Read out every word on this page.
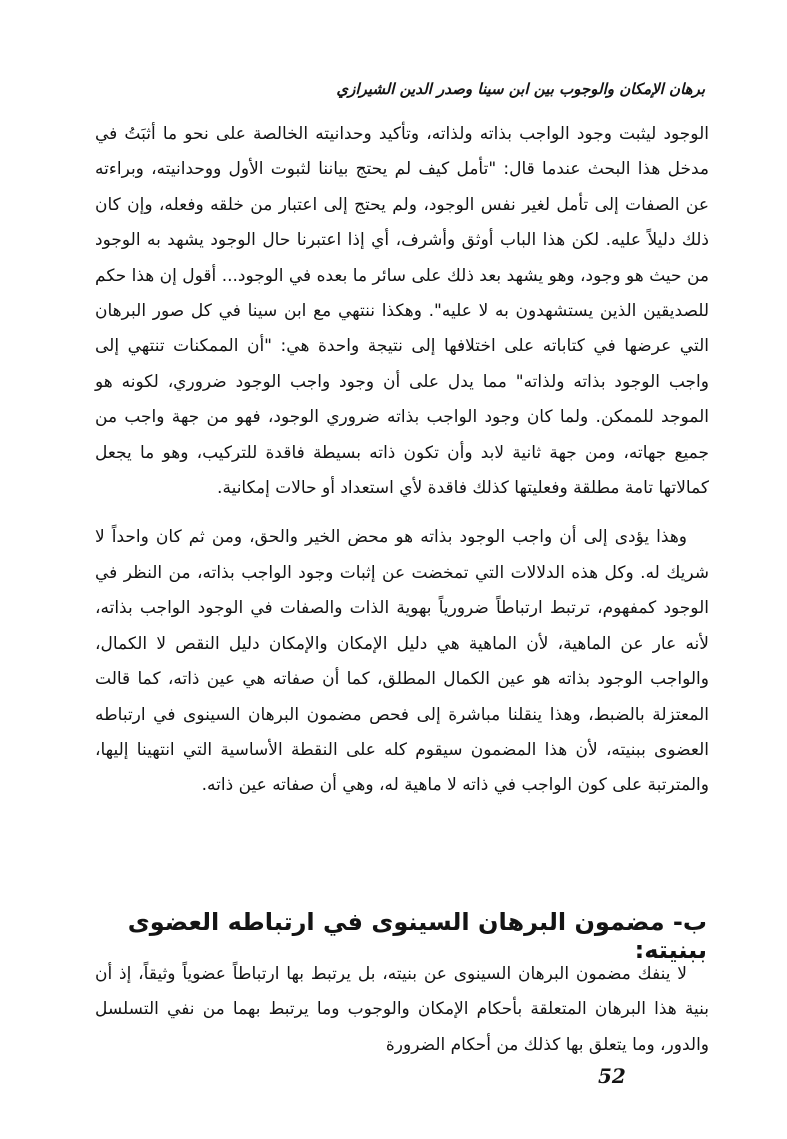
برهان الإمكان والوجوب بين ابن سينا وصدر الدين الشيرازي

الوجود ليثبت وجود الواجب بذاته ولذاته، وتأكيد وحدانيته الخالصة على نحو ما أثبَتُ في مدخل هذا البحث عندما قال: "تأمل كيف لم يحتج بياننا لثبوت الأول ووحدانيته، وبراءته عن الصفات إلى تأمل لغير نفس الوجود، ولم يحتج إلى اعتبار من خلقه وفعله، وإن كان ذلك دليلاً عليه. لكن هذا الباب أوثق وأشرف، أي إذا اعتبرنا حال الوجود يشهد به الوجود من حيث هو وجود، وهو يشهد بعد ذلك على سائر ما بعده في الوجود... أقول إن هذا حكم للصديقين الذين يستشهدون به لا عليه". وهكذا ننتهي مع ابن سينا في كل صور البرهان التي عرضها في كتاباته على اختلافها إلى نتيجة واحدة هي: "أن الممكنات تنتهي إلى واجب الوجود بذاته ولذاته" مما يدل على أن وجود واجب الوجود ضروري، لكونه هو الموجد للممكن. ولما كان وجود الواجب بذاته ضروري الوجود، فهو من جهة واجب من جميع جهاته، ومن جهة ثانية لابد وأن تكون ذاته بسيطة فاقدة للتركيب، وهو ما يجعل كمالاتها تامة مطلقة وفعليتها كذلك فاقدة لأي استعداد أو حالات إمكانية.

وهذا يؤدى إلى أن واجب الوجود بذاته هو محض الخير والحق، ومن ثم كان واحداً لا شريك له. وكل هذه الدلالات التي تمخضت عن إثبات وجود الواجب بذاته، من النظر في الوجود كمفهوم، ترتبط ارتباطاً ضرورياً بهوية الذات والصفات في الوجود الواجب بذاته، لأنه عار عن الماهية، لأن الماهية هي دليل الإمكان والإمكان دليل النقص لا الكمال، والواجب الوجود بذاته هو عين الكمال المطلق، كما أن صفاته هي عين ذاته، كما قالت المعتزلة بالضبط، وهذا ينقلنا مباشرة إلى فحص مضمون البرهان السينوى في ارتباطه العضوى ببنيته، لأن هذا المضمون سيقوم كله على النقطة الأساسية التي انتهينا إليها، والمترتبة على كون الواجب في ذاته لا ماهية له، وهي أن صفاته عين ذاته.

ب- مضمون البرهان السينوى في ارتباطه العضوى ببنيته:

لا ينفك مضمون البرهان السينوى عن بنيته، بل يرتبط بها ارتباطاً عضوياً وثيقاً، إذ أن بنية هذا البرهان المتعلقة بأحكام الإمكان والوجوب وما يرتبط بهما من نفي التسلسل والدور، وما يتعلق بها كذلك من أحكام الضرورة

52
